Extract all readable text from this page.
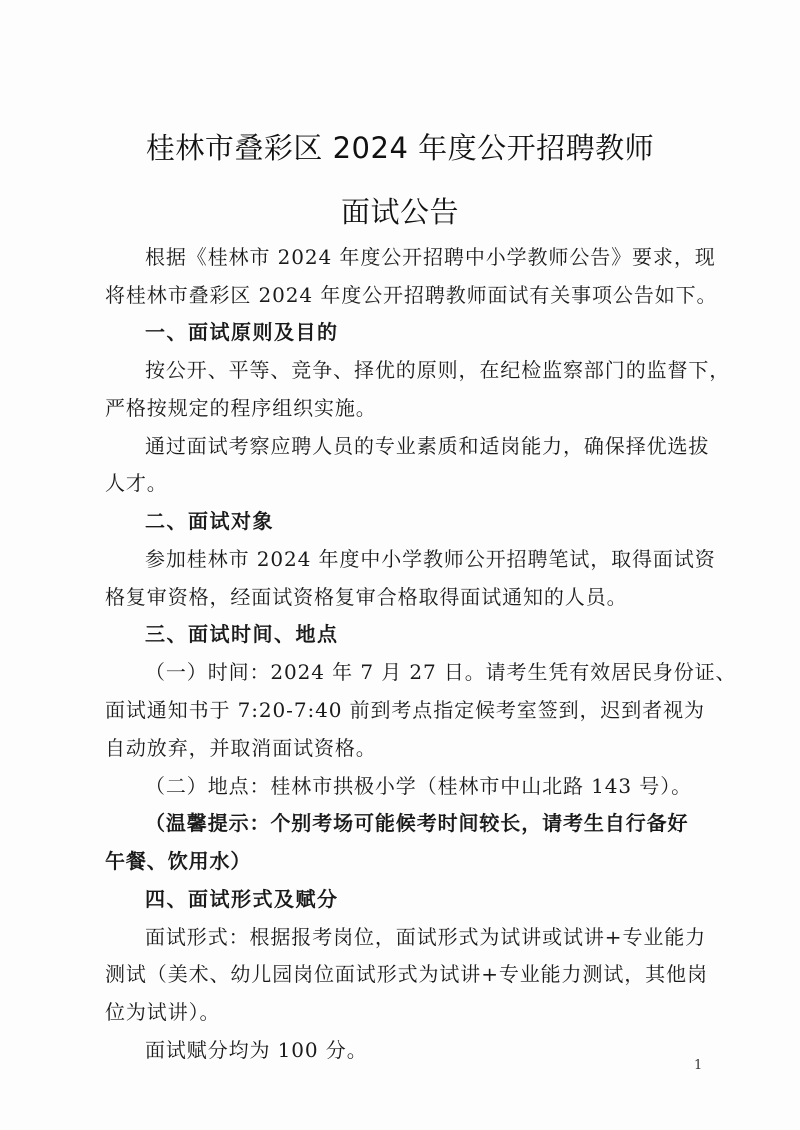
桂林市叠彩区 2024 年度公开招聘教师
面试公告
根据《桂林市 2024 年度公开招聘中小学教师公告》要求，现
将桂林市叠彩区 2024 年度公开招聘教师面试有关事项公告如下。
一、面试原则及目的
按公开、平等、竞争、择优的原则，在纪检监察部门的监督下，
严格按规定的程序组织实施。
通过面试考察应聘人员的专业素质和适岗能力，确保择优选拔
人才。
二、面试对象
参加桂林市 2024 年度中小学教师公开招聘笔试，取得面试资
格复审资格，经面试资格复审合格取得面试通知的人员。
三、面试时间、地点
（一）时间：2024 年 7 月 27 日。请考生凭有效居民身份证、
面试通知书于 7:20-7:40 前到考点指定候考室签到，迟到者视为
自动放弃，并取消面试资格。
（二）地点：桂林市拱极小学（桂林市中山北路 143 号）。
（温馨提示：个别考场可能候考时间较长，请考生自行备好
午餐、饮用水）
四、面试形式及赋分
面试形式：根据报考岗位，面试形式为试讲或试讲+专业能力
测试（美术、幼儿园岗位面试形式为试讲+专业能力测试，其他岗
位为试讲）。
面试赋分均为 100 分。
1
